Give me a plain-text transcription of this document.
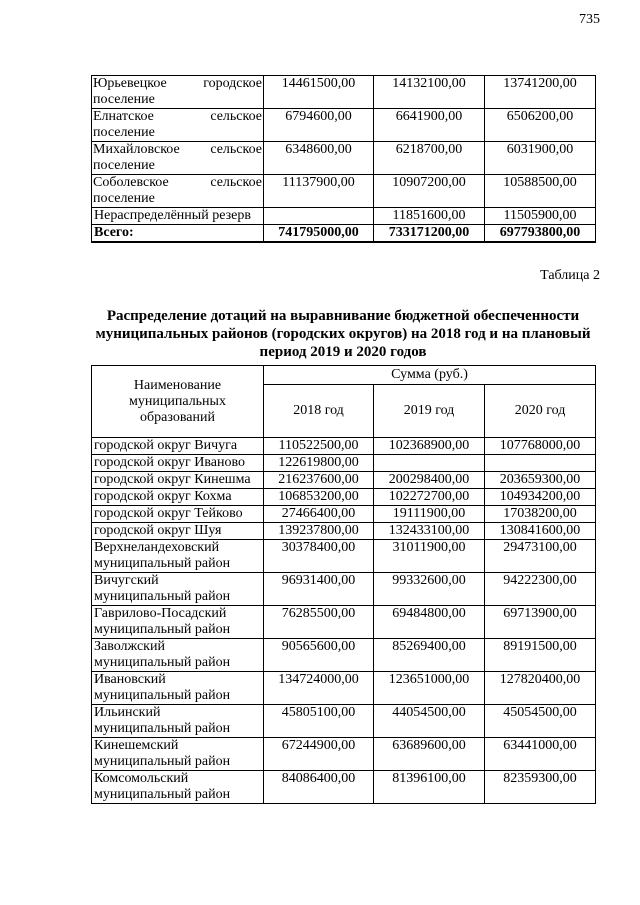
735
Юрьевецкое городское
поселение	14461500,00	14132100,00	13741200,00

Елнатское сельское
поселение	6794600,00	6641900,00	6506200,00

Михайловское сельское
поселение	6348600,00	6218700,00	6031900,00

Соболевское сельское
поселение	11137900,00	10907200,00	10588500,00
Нераспределённый резерв		11851600,00	11505900,00
Всего:	741795000,00	733171200,00	697793800,00
Таблица 2
Распределение дотаций на выравнивание бюджетной обеспеченности
муниципальных районов (городских округов) на 2018 год и на плановый
период 2019 и 2020 годов
Наименование муниципальных образований	Сумма (руб.)		
	2018 год	2019 год	2020 год
городской округ Вичуга	110522500,00	102368900,00	107768000,00
городской округ Иваново	122619800,00		
городской округ Кинешма	216237600,00	200298400,00	203659300,00
городской округ Кохма	106853200,00	102272700,00	104934200,00
городской округ Тейково	27466400,00	19111900,00	17038200,00
городской округ Шуя	139237800,00	132433100,00	130841600,00

Верхнеландеховский
муниципальный район	30378400,00	31011900,00	29473100,00

Вичугский
муниципальный район	96931400,00	99332600,00	94222300,00

Гаврилово-Посадский
муниципальный район	76285500,00	69484800,00	69713900,00

Заволжский
муниципальный район	90565600,00	85269400,00	89191500,00

Ивановский
муниципальный район	134724000,00	123651000,00	127820400,00

Ильинский
муниципальный район	45805100,00	44054500,00	45054500,00

Кинешемский
муниципальный район	67244900,00	63689600,00	63441000,00

Комсомольский
муниципальный район	84086400,00	81396100,00	82359300,00
